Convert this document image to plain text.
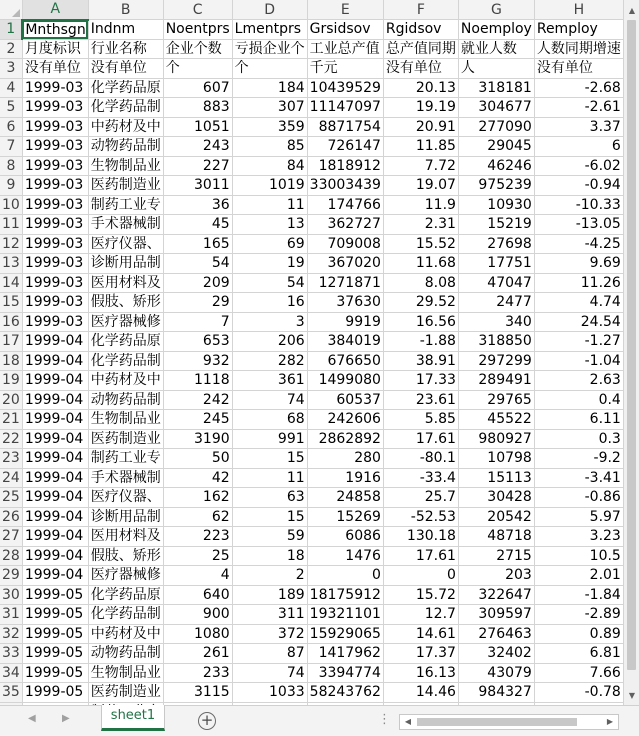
	A	B	C	D	E	F	G	H
1	Mnthsgn	Indnm	Noentprs	Lmentprs	Grsidsov	Rgidsov	Noemploy	Remploy
2	月度标识	行业名称	企业个数	亏损企业个	工业总产值	总产值同期	就业人数	人数同期增速
3	没有单位	没有单位	个	个	千元	没有单位	人	没有单位
4	1999-03	化学药品原	607	184	10439529	20.13	318181	-2.68
5	1999-03	化学药品制	883	307	11147097	19.19	304677	-2.61
6	1999-03	中药材及中	1051	359	8871754	20.91	277090	3.37
7	1999-03	动物药品制	243	85	726147	11.85	29045	6
8	1999-03	生物制品业	227	84	1818912	7.72	46246	-6.02
9	1999-03	医药制造业	3011	1019	33003439	19.07	975239	-0.94
10	1999-03	制药工业专	36	11	174766	11.9	10930	-10.33
11	1999-03	手术器械制	45	13	362727	2.31	15219	-13.05
12	1999-03	医疗仪器、	165	69	709008	15.52	27698	-4.25
13	1999-03	诊断用品制	54	19	367020	11.68	17751	9.69
14	1999-03	医用材料及	209	54	1271871	8.08	47047	11.26
15	1999-03	假肢、矫形	29	16	37630	29.52	2477	4.74
16	1999-03	医疗器械修	7	3	9919	16.56	340	24.54
17	1999-04	化学药品原	653	206	384019	-1.88	318850	-1.27
18	1999-04	化学药品制	932	282	676650	38.91	297299	-1.04
19	1999-04	中药材及中	1118	361	1499080	17.33	289491	2.63
20	1999-04	动物药品制	242	74	60537	23.61	29765	0.4
21	1999-04	生物制品业	245	68	242606	5.85	45522	6.11
22	1999-04	医药制造业	3190	991	2862892	17.61	980927	0.3
23	1999-04	制药工业专	50	15	280	-80.1	10798	-9.2
24	1999-04	手术器械制	42	11	1916	-33.4	15113	-3.41
25	1999-04	医疗仪器、	162	63	24858	25.7	30428	-0.86
26	1999-04	诊断用品制	62	15	15269	-52.53	20542	5.97
27	1999-04	医用材料及	223	59	6086	130.18	48718	3.23
28	1999-04	假肢、矫形	25	18	1476	17.61	2715	10.5
29	1999-04	医疗器械修	4	2	0	0	203	2.01
30	1999-05	化学药品原	640	189	18175912	15.72	322647	-1.84
31	1999-05	化学药品制	900	311	19321101	12.7	309597	-2.89
32	1999-05	中药材及中	1080	372	15929065	14.61	276463	0.89
33	1999-05	动物药品制	261	87	1417962	17.37	32402	6.81
34	1999-05	生物制品业	233	74	3394774	16.13	43079	7.66
35	1999-05	医药制造业	3115	1033	58243762	14.46	984327	-0.78

▲
▼
◀	▶	sheet1	+	⋮	◀	▶
